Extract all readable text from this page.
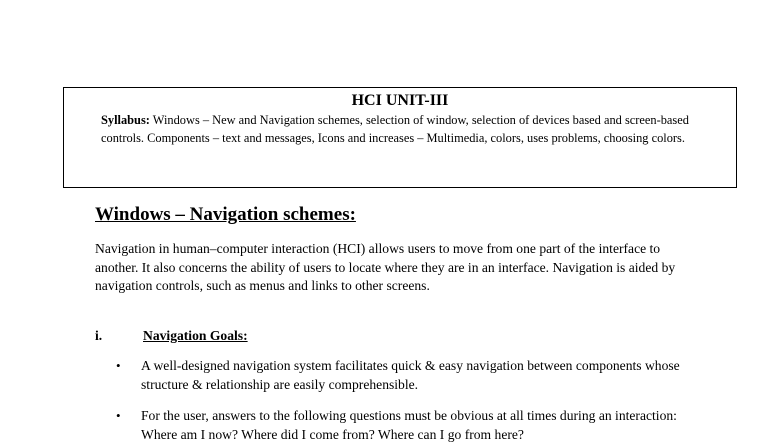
HCI UNIT-III
Syllabus: Windows – New and Navigation schemes, selection of window, selection of devices based and screen-based controls. Components – text and messages, Icons and increases – Multimedia, colors, uses problems, choosing colors.
Windows – Navigation schemes:
Navigation in human–computer interaction (HCI) allows users to move from one part of the interface to another. It also concerns the ability of users to locate where they are in an interface. Navigation is aided by navigation controls, such as menus and links to other screens.
i.	Navigation Goals:
• A well-designed navigation system facilitates quick & easy navigation between components whose structure & relationship are easily comprehensible.
• For the user, answers to the following questions must be obvious at all times during an interaction: Where am I now? Where did I come from? Where can I go from here?
